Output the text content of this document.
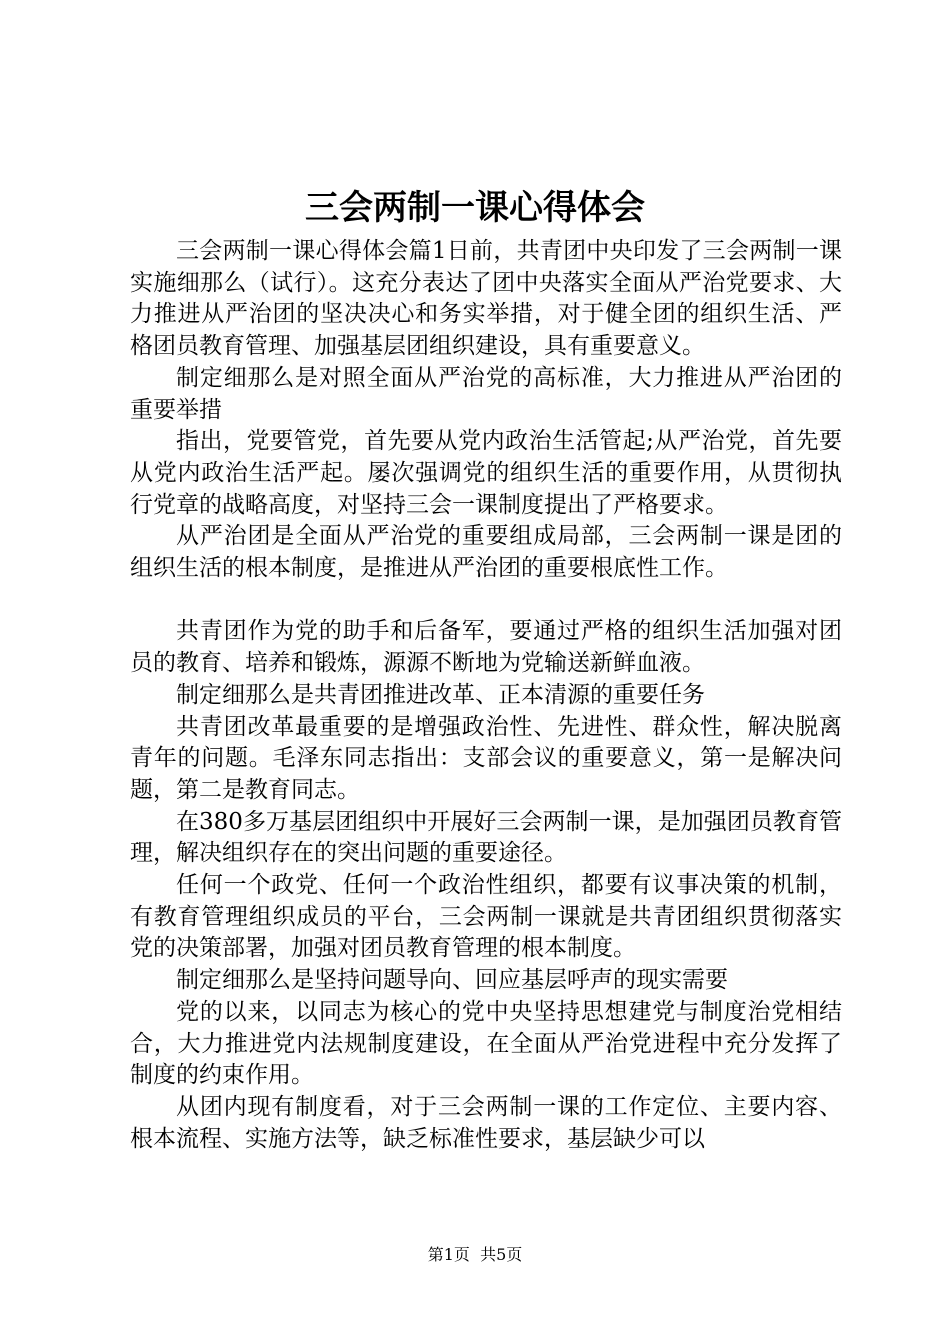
三会两制一课心得体会

三会两制一课心得体会篇1日前，共青团中央印发了三会两制一课实施细那么（试行）。这充分表达了团中央落实全面从严治党要求、大力推进从严治团的坚决决心和务实举措，对于健全团的组织生活、严格团员教育管理、加强基层团组织建设，具有重要意义。

制定细那么是对照全面从严治党的高标准，大力推进从严治团的重要举措

指出，党要管党，首先要从党内政治生活管起;从严治党，首先要从党内政治生活严起。屡次强调党的组织生活的重要作用，从贯彻执行党章的战略高度，对坚持三会一课制度提出了严格要求。

从严治团是全面从严治党的重要组成局部，三会两制一课是团的组织生活的根本制度，是推进从严治团的重要根底性工作。

共青团作为党的助手和后备军，要通过严格的组织生活加强对团员的教育、培养和锻炼，源源不断地为党输送新鲜血液。

制定细那么是共青团推进改革、正本清源的重要任务

共青团改革最重要的是增强政治性、先进性、群众性，解决脱离青年的问题。毛泽东同志指出：支部会议的重要意义，第一是解决问题，第二是教育同志。

在380多万基层团组织中开展好三会两制一课，是加强团员教育管理，解决组织存在的突出问题的重要途径。

任何一个政党、任何一个政治性组织，都要有议事决策的机制，有教育管理组织成员的平台，三会两制一课就是共青团组织贯彻落实党的决策部署，加强对团员教育管理的根本制度。

制定细那么是坚持问题导向、回应基层呼声的现实需要

党的以来，以同志为核心的党中央坚持思想建党与制度治党相结合，大力推进党内法规制度建设，在全面从严治党进程中充分发挥了制度的约束作用。

从团内现有制度看，对于三会两制一课的工作定位、主要内容、根本流程、实施方法等，缺乏标准性要求，基层缺少可以

第1页 共5页
